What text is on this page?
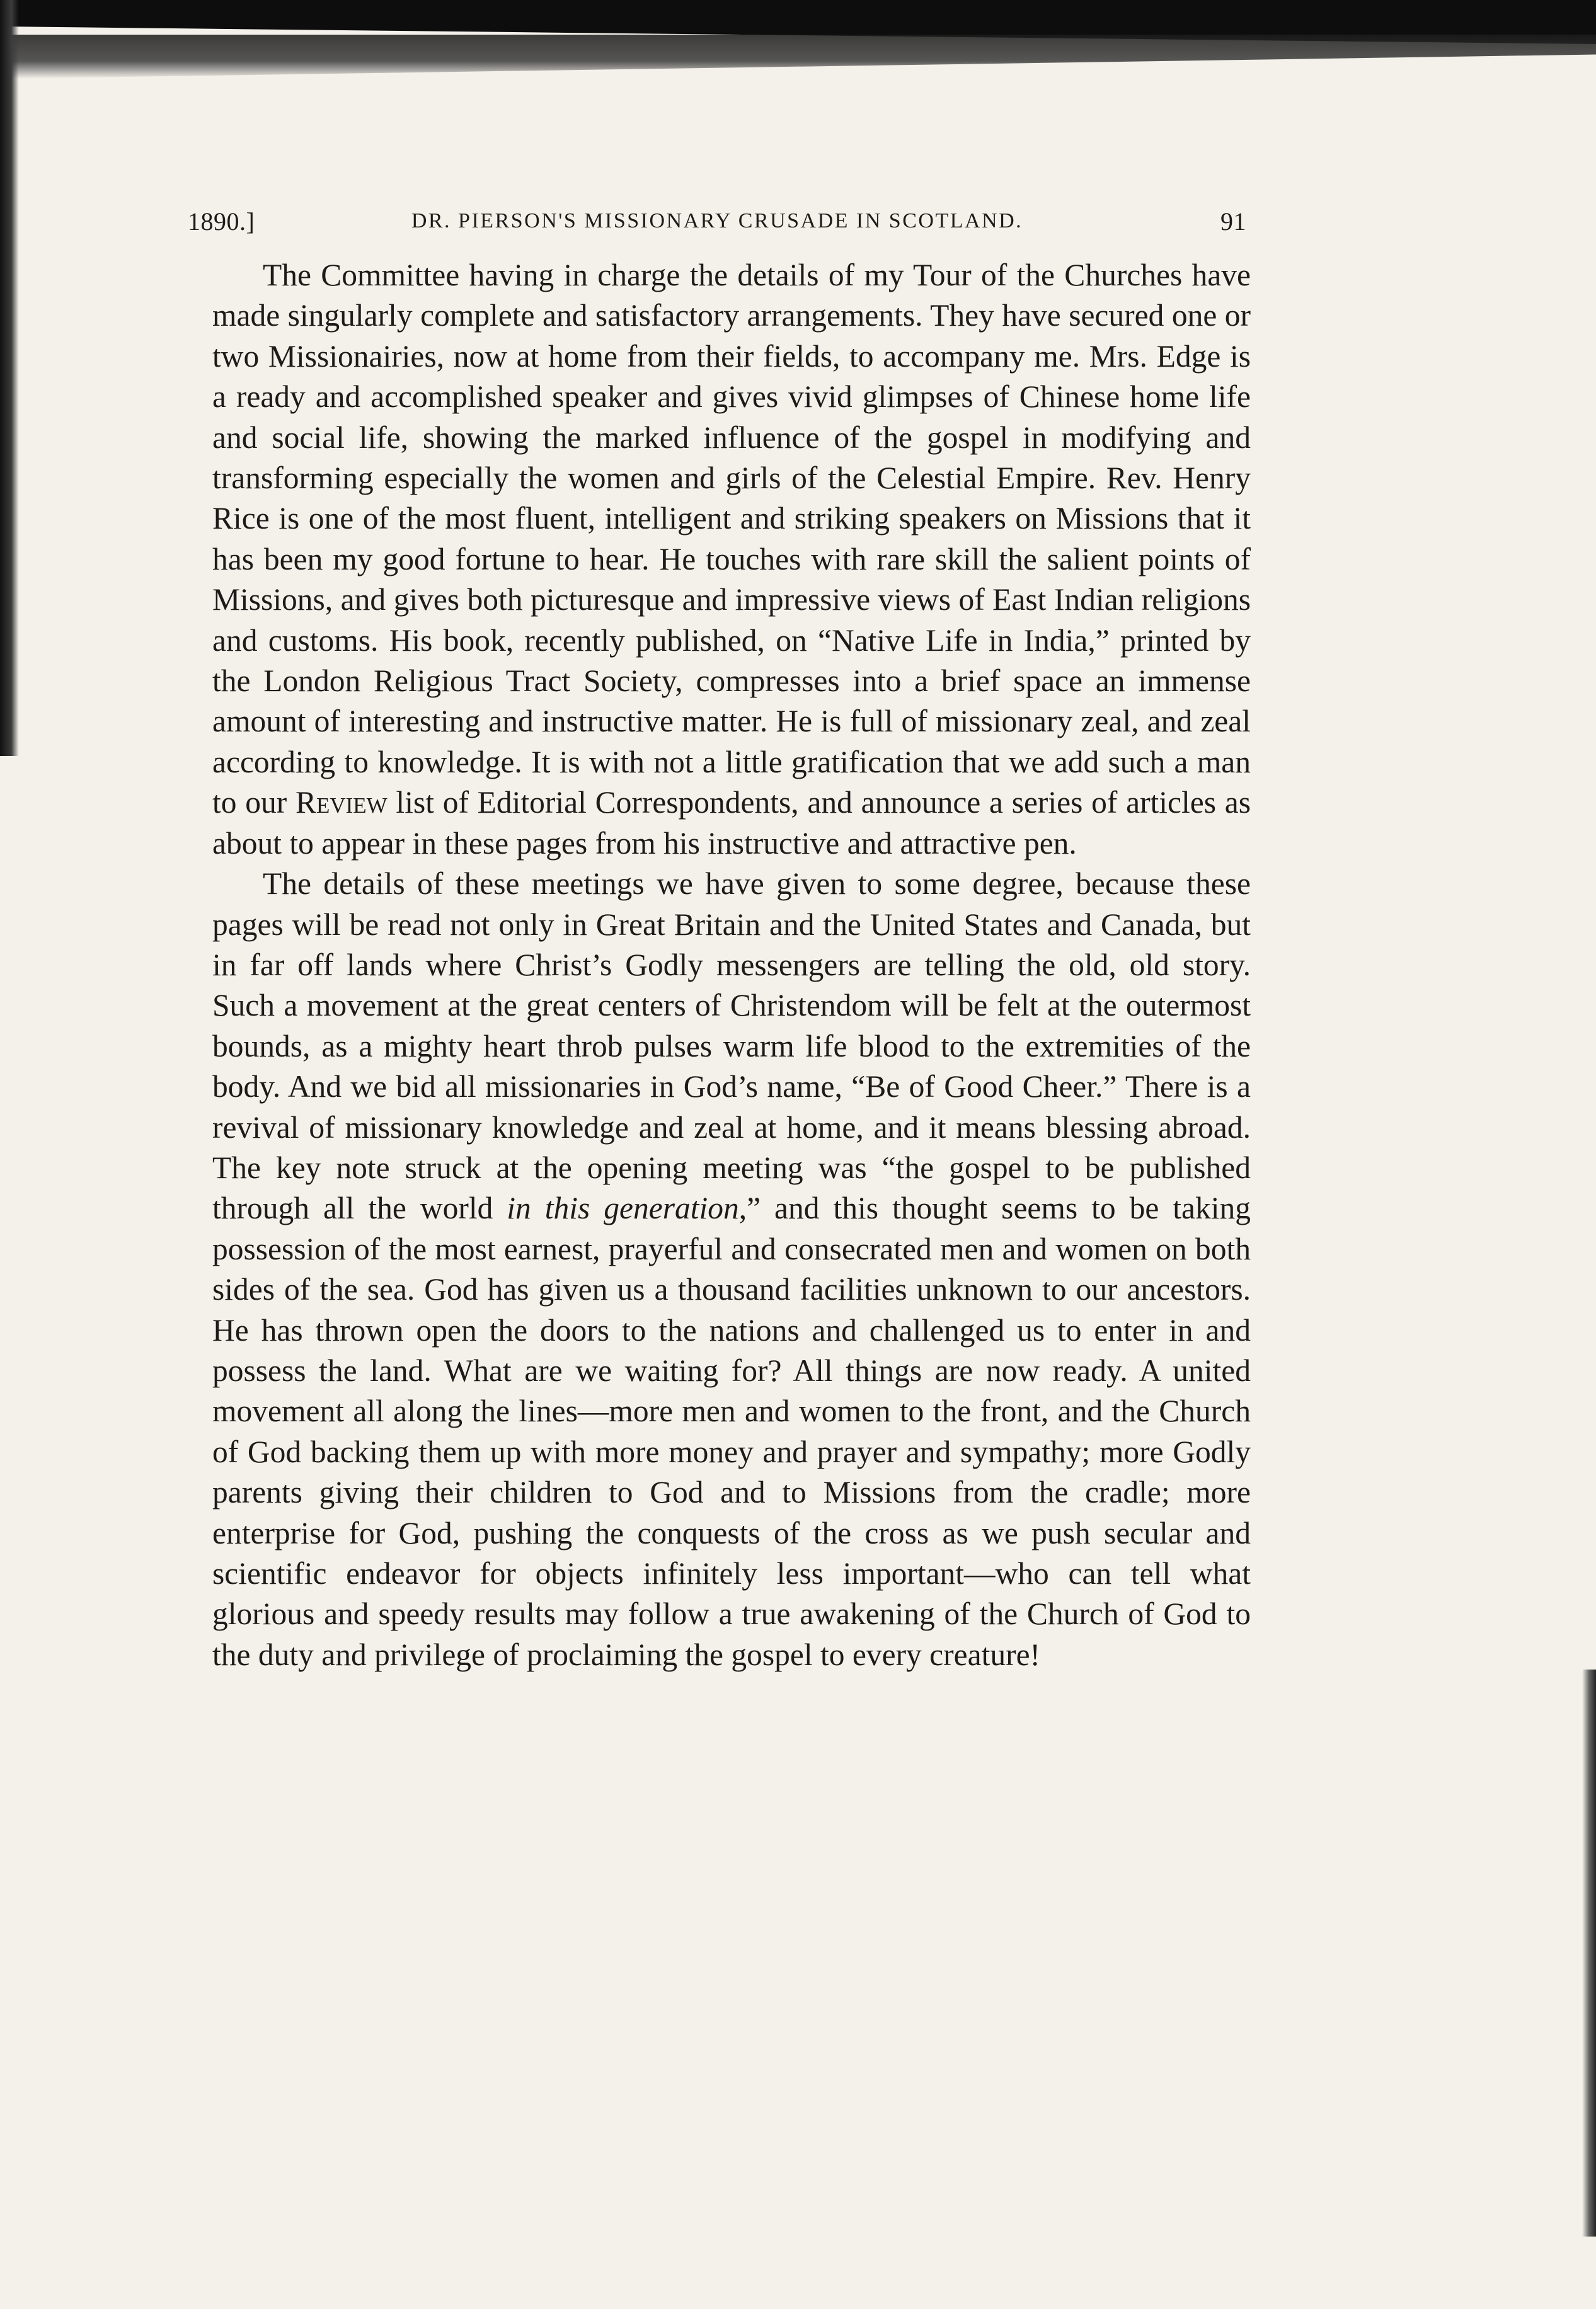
1890.]	DR. PIERSON'S MISSIONARY CRUSADE IN SCOTLAND.	91

The Committee having in charge the details of my Tour of the Churches have made singularly complete and satisfactory arrangements. They have secured one or two Missionairies, now at home from their fields, to accompany me. Mrs. Edge is a ready and accomplished speaker and gives vivid glimpses of Chinese home life and social life, showing the marked influence of the gospel in modifying and transforming especially the women and girls of the Celestial Empire. Rev. Henry Rice is one of the most fluent, intelligent and striking speakers on Missions that it has been my good fortune to hear. He touches with rare skill the salient points of Missions, and gives both picturesque and impressive views of East Indian religions and customs. His book, recently published, on “Native Life in India,” printed by the London Religious Tract Society, compresses into a brief space an immense amount of interesting and instructive matter. He is full of missionary zeal, and zeal according to knowledge. It is with not a little gratification that we add such a man to our Review list of Editorial Correspondents, and announce a series of articles as about to appear in these pages from his instructive and attractive pen.

The details of these meetings we have given to some degree, because these pages will be read not only in Great Britain and the United States and Canada, but in far off lands where Christ’s Godly messengers are telling the old, old story. Such a movement at the great centers of Christendom will be felt at the outermost bounds, as a mighty heart throb pulses warm life blood to the extremities of the body. And we bid all missionaries in God’s name, “Be of Good Cheer.” There is a revival of missionary knowledge and zeal at home, and it means blessing abroad. The key note struck at the opening meeting was “the gospel to be published through all the world in this generation,” and this thought seems to be taking possession of the most earnest, prayerful and consecrated men and women on both sides of the sea. God has given us a thousand facilities unknown to our ancestors. He has thrown open the doors to the nations and challenged us to enter in and possess the land. What are we waiting for? All things are now ready. A united movement all along the lines—more men and women to the front, and the Church of God backing them up with more money and prayer and sympathy; more Godly parents giving their children to God and to Missions from the cradle; more enterprise for God, pushing the conquests of the cross as we push secular and scientific endeavor for objects infinitely less important—who can tell what glorious and speedy results may follow a true awakening of the Church of God to the duty and privilege of proclaiming the gospel to every creature!
